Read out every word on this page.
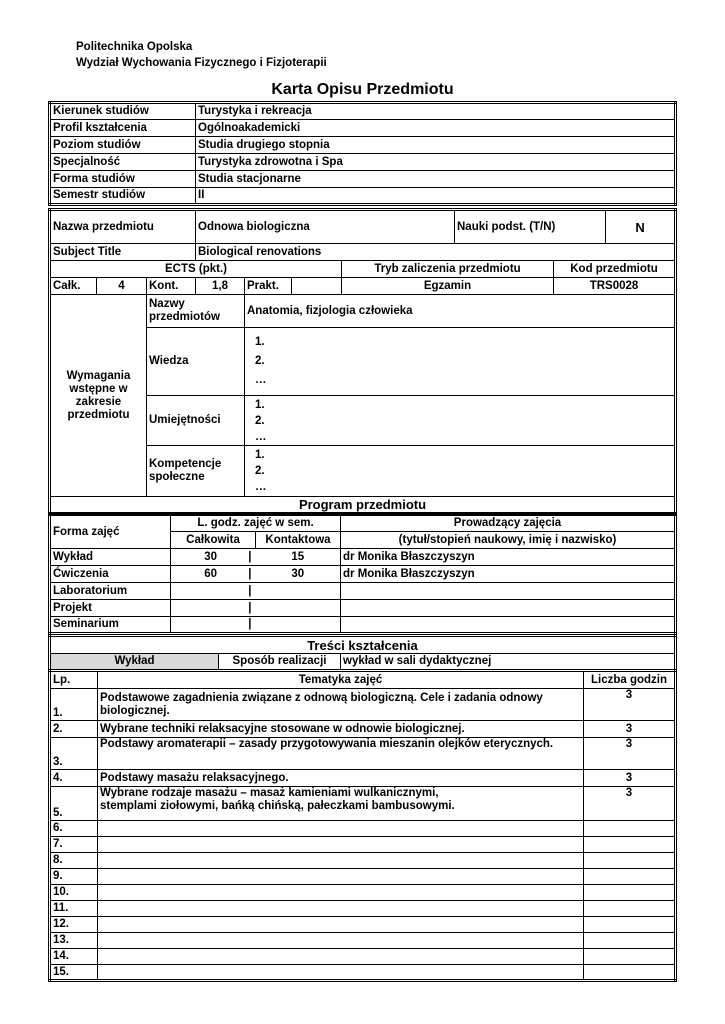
Politechnika Opolska
Wydział Wychowania Fizycznego i Fizjoterapii
Karta Opisu Przedmiotu
Kierunek studiów	Turystyka i rekreacja
Profil kształcenia	Ogólnoakademicki
Poziom studiów	Studia drugiego stopnia
Specjalność	Turystyka zdrowotna i Spa
Forma studiów	Studia stacjonarne
Semestr studiów	II
Nazwa przedmiotu			Odnowa biologiczna				Nauki podst. (T/N)		N
Subject Title			Biological renovations						
ECTS (pkt.)						Tryb zaliczenia przedmiotu		Kod przedmiotu	
Całk.	4	Kont.	1,8	Prakt.		Egzamin		TRS0028	
Wymagania wstępne w zakresie przedmiotu		Nazwy przedmiotów		Anatomia, fizjologia człowieka					
		Wiedza		1.
2.
…					

		Umiejętności		1.
2.
…					

		Kompetencje społeczne		1.
2.
…					

Program przedmiotu									
Forma zajęć	L. godz. zajęć w sem.		Prowadzący zajęcia
	Całkowita	Kontaktowa	(tytuł/stopień naukowy, imię i nazwisko)
Wykład	30 |	15	dr Monika Błaszczyszyn
Ćwiczenia	60 |	30	dr Monika Błaszczyszyn
Laboratorium	|		

Projekt	|		

Seminarium	|		

Treści kształcenia
Wykład	Sposób realizacji	wykład w sali dydaktycznej
Lp.	Tematyka zajęć	Liczba godzin
1.	Podstawowe zagadnienia związane z odnową biologiczną. Cele i zadania odnowy biologicznej.	3
2.	Wybrane techniki relaksacyjne stosowane w odnowie biologicznej.	3
3.	Podstawy aromaterapii – zasady przygotowywania mieszanin olejków eterycznych.	3
4.	Podstawy masażu relaksacyjnego.	3
5.	Wybrane rodzaje masażu – masaż kamieniami wulkanicznymi, stemplami ziołowymi, bańką chińską, pałeczkami bambusowymi.	3
6.		
7.		
8.		
9.		
10.		
11.		
12.		
13.		
14.		
15.		
